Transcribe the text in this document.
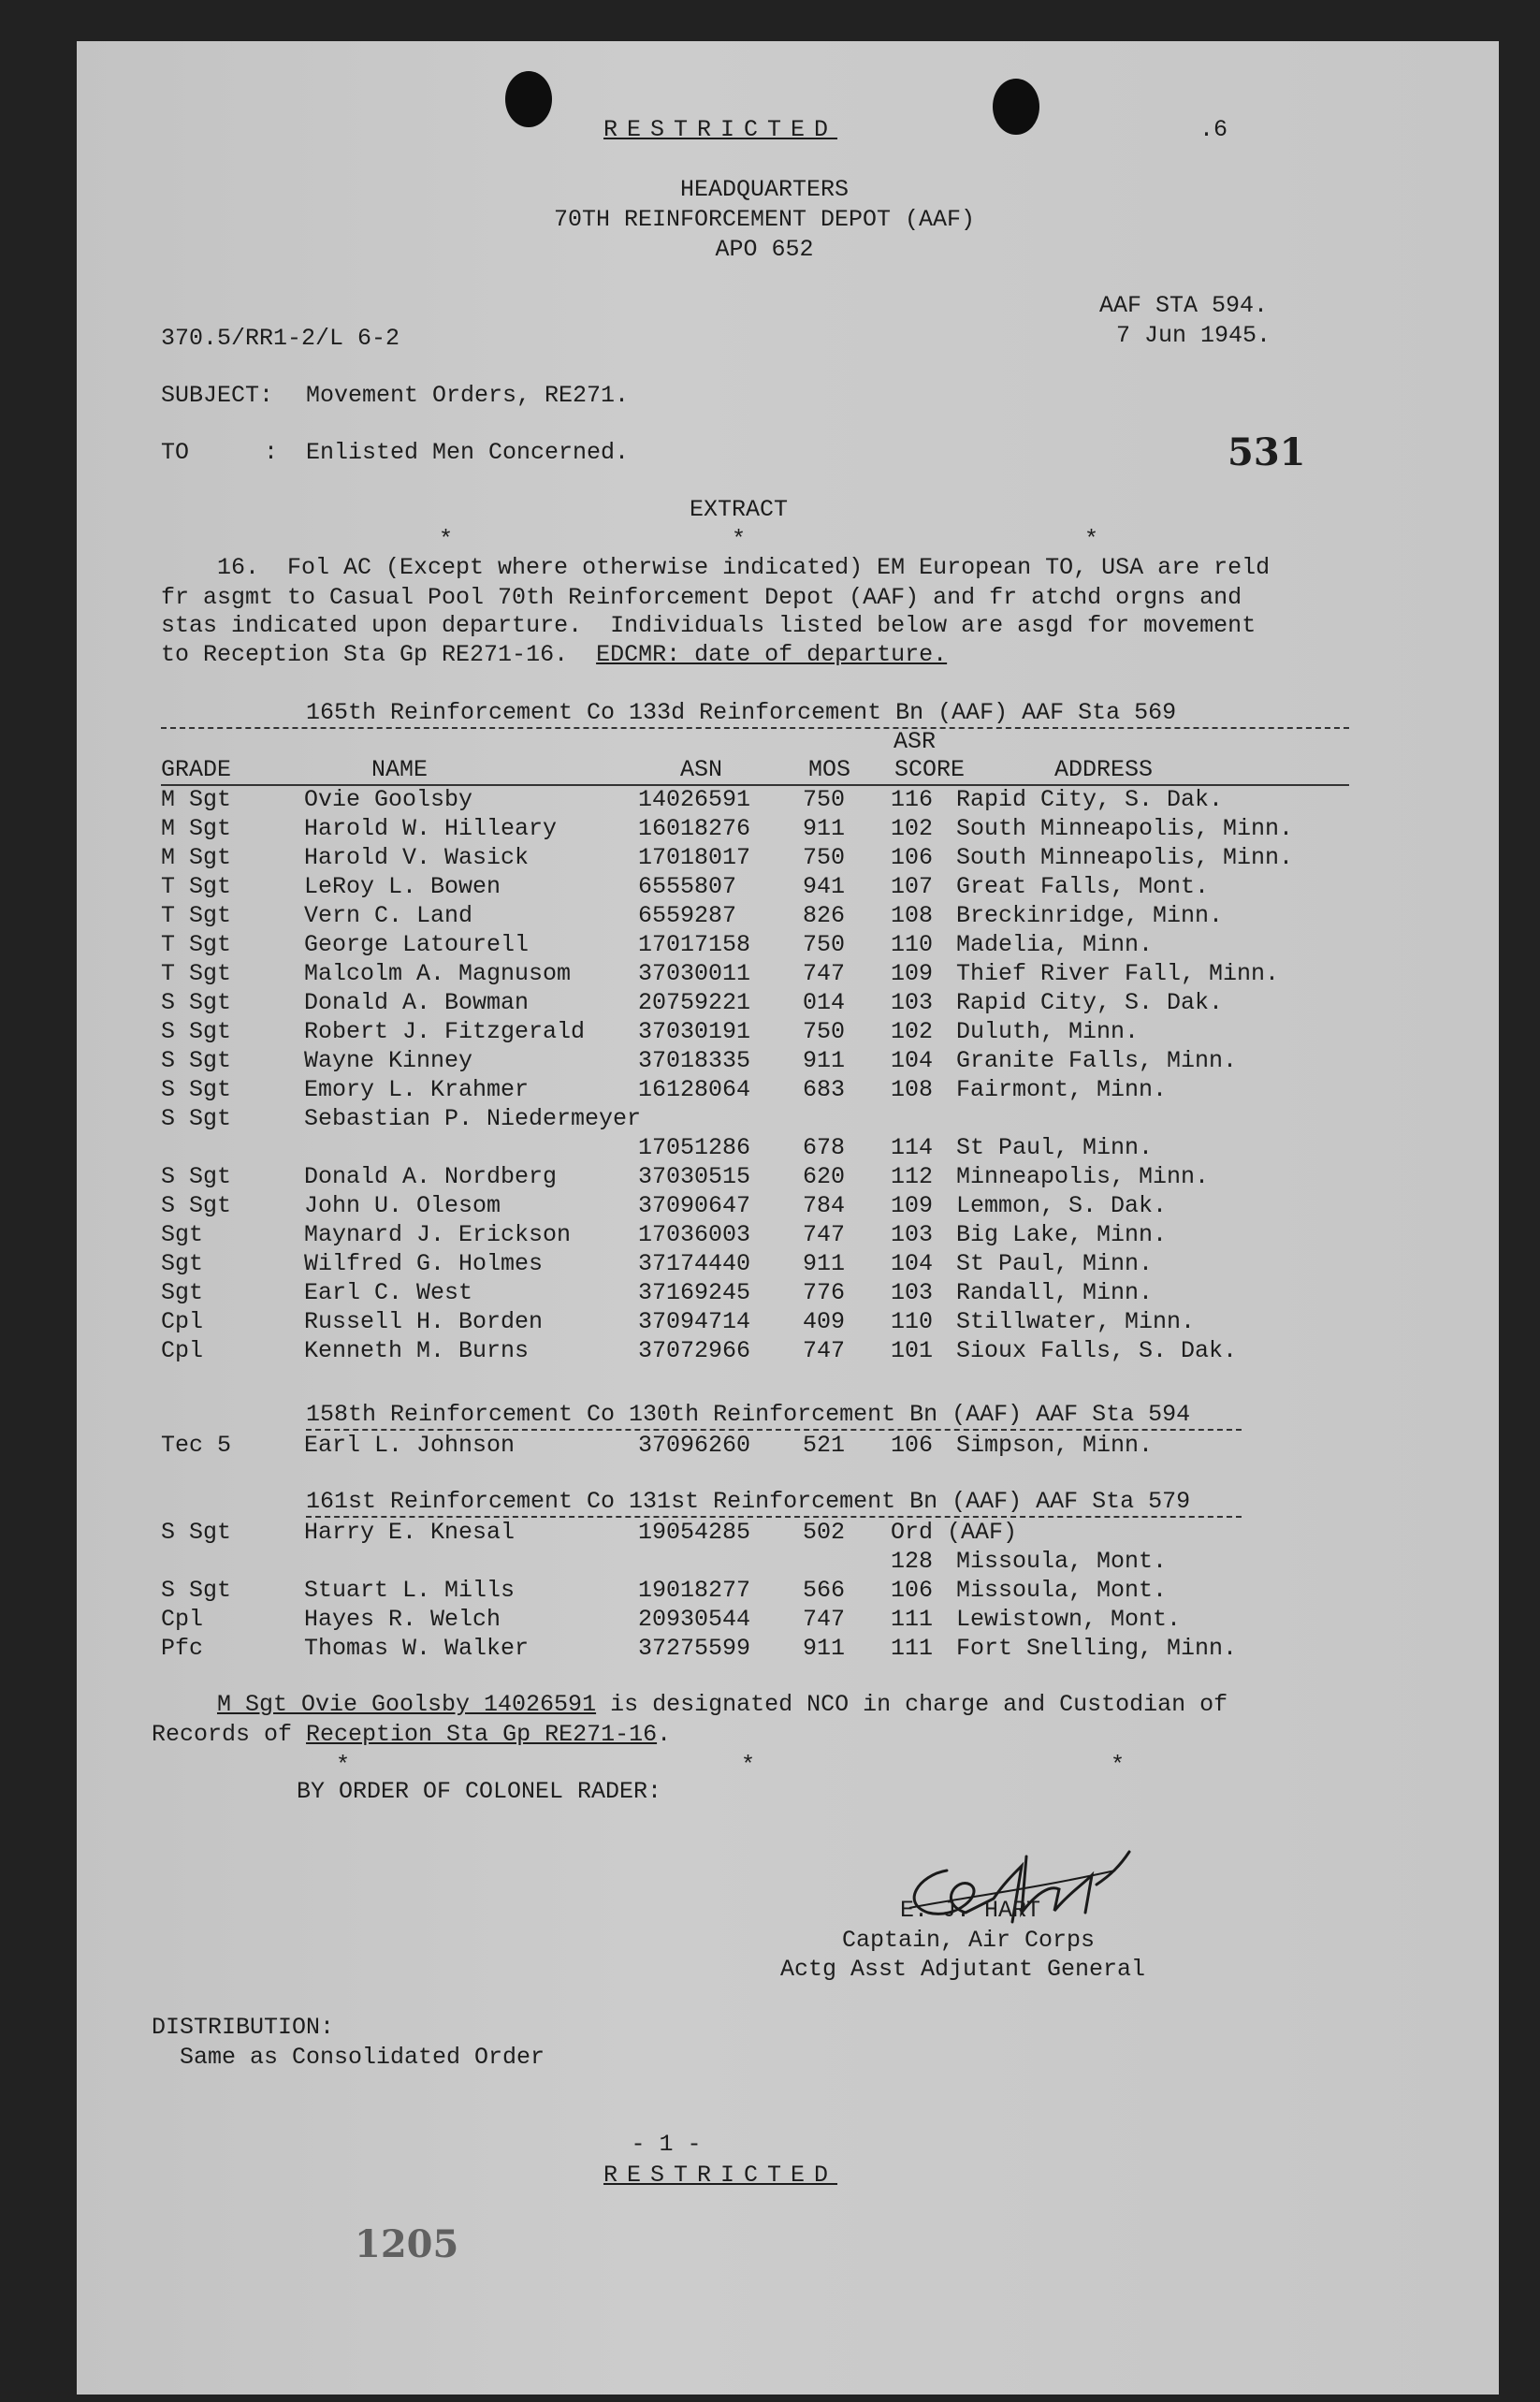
RESTRICTED	.6
HEADQUARTERS
70TH REINFORCEMENT DEPOT (AAF)
APO 652
AAF STA 594.
7 Jun 1945.
370.5/RR1-2/L 6-2
SUBJECT: Movement Orders, RE271.
TO	: Enlisted Men Concerned.	531
EXTRACT
*	*	*
16.  Fol AC (Except where otherwise indicated) EM European TO, USA are reld
fr asgmt to Casual Pool 70th Reinforcement Depot (AAF) and fr atchd orgns and
stas indicated upon departure.  Individuals listed below are asgd for movement
to Reception Sta Gp RE271-16.  EDCMR: date of departure.
165th Reinforcement Co 133d Reinforcement Bn (AAF) AAF Sta 569
ASR
GRADE	NAME	ASN	MOS SCORE	ADDRESS
M Sgt	Ovie Goolsby	14026591 750 116 Rapid City, S. Dak.
M Sgt	Harold W. Hilleary	16018276 911 102 South Minneapolis, Minn.
M Sgt	Harold V. Wasick	17018017 750 106 South Minneapolis, Minn.
T Sgt	LeRoy L. Bowen	6555807	941 107 Great Falls, Mont.
T Sgt	Vern C. Land	6559287	826 108 Breckinridge, Minn.
T Sgt	George Latourell	17017158 750 110 Madelia, Minn.
T Sgt	Malcolm A. Magnusom	37030011 747 109 Thief River Fall, Minn.
S Sgt	Donald A. Bowman	20759221 014 103 Rapid City, S. Dak.
S Sgt	Robert J. Fitzgerald 37030191 750 102 Duluth, Minn.
S Sgt	Wayne Kinney	37018335 911 104 Granite Falls, Minn.
S Sgt	Emory L. Krahmer	16128064 683 108 Fairmont, Minn.
S Sgt	Sebastian P. Niedermeyer
17051286 678 114 St Paul, Minn.
S Sgt	Donald A. Nordberg	37030515 620 112 Minneapolis, Minn.
S Sgt	John U. Olesom	37090647 784 109 Lemmon, S. Dak.
Sgt	Maynard J. Erickson	17036003 747 103 Big Lake, Minn.
Sgt	Wilfred G. Holmes	37174440 911 104 St Paul, Minn.
Sgt	Earl C. West	37169245 776 103 Randall, Minn.
Cpl	Russell H. Borden	37094714 409 110 Stillwater, Minn.
Cpl	Kenneth M. Burns	37072966 747 101 Sioux Falls, S. Dak.
158th Reinforcement Co 130th Reinforcement Bn (AAF) AAF Sta 594
Tec 5	Earl L. Johnson	37096260 521 106 Simpson, Minn.
161st Reinforcement Co 131st Reinforcement Bn (AAF) AAF Sta 579
S Sgt	Harry E. Knesal	19054285 502 Ord (AAF)
128 Missoula, Mont.
S Sgt	Stuart L. Mills	19018277 566 106 Missoula, Mont.
Cpl	Hayes R. Welch	20930544 747 111 Lewistown, Mont.
Pfc	Thomas W. Walker	37275599 911 111 Fort Snelling, Minn.
M Sgt Ovie Goolsby 14026591 is designated NCO in charge and Custodian of
Records of Reception Sta Gp RE271-16.
*	*	*
BY ORDER OF COLONEL RADER:
E. J. HART
Captain, Air Corps
Actg Asst Adjutant General
DISTRIBUTION:
Same as Consolidated Order
- 1 -
RESTRICTED
1205
